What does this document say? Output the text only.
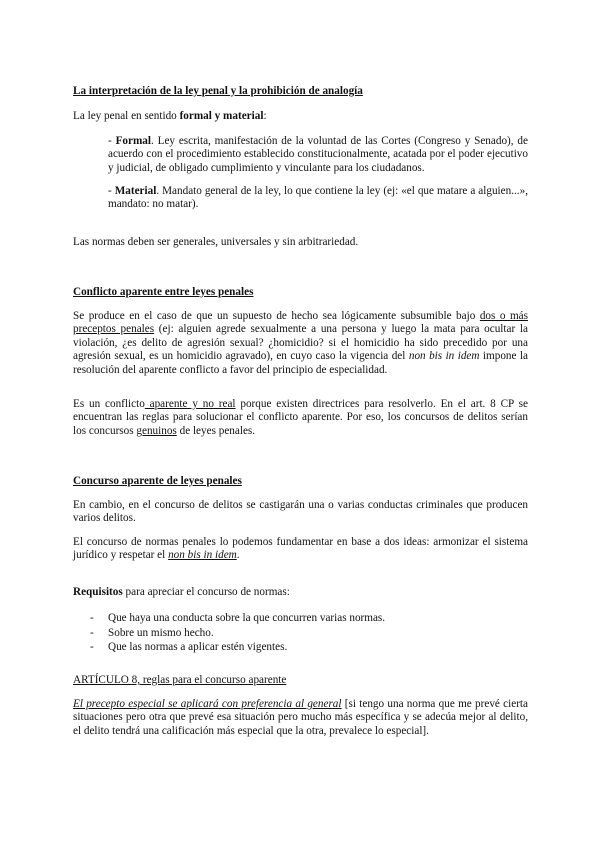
La interpretación de la ley penal y la prohibición de analogía

La ley penal en sentido formal y material:

- Formal. Ley escrita, manifestación de la voluntad de las Cortes (Congreso y Senado), de acuerdo con el procedimiento establecido constitucionalmente, acatada por el poder ejecutivo y judicial, de obligado cumplimiento y vinculante para los ciudadanos.

- Material. Mandato general de la ley, lo que contiene la ley (ej: «el que matare a alguien...», mandato: no matar).

Las normas deben ser generales, universales y sin arbitrariedad.

Conflicto aparente entre leyes penales

Se produce en el caso de que un supuesto de hecho sea lógicamente subsumible bajo dos o más preceptos penales (ej: alguien agrede sexualmente a una persona y luego la mata para ocultar la violación, ¿es delito de agresión sexual? ¿homicidio? si el homicidio ha sido precedido por una agresión sexual, es un homicidio agravado), en cuyo caso la vigencia del non bis in idem impone la resolución del aparente conflicto a favor del principio de especialidad.

Es un conflicto aparente y no real porque existen directrices para resolverlo. En el art. 8 CP se encuentran las reglas para solucionar el conflicto aparente. Por eso, los concursos de delitos serían los concursos genuinos de leyes penales.

Concurso aparente de leyes penales

En cambio, en el concurso de delitos se castigarán una o varias conductas criminales que producen varios delitos.

El concurso de normas penales lo podemos fundamentar en base a dos ideas: armonizar el sistema jurídico y respetar el non bis in idem.

Requisitos para apreciar el concurso de normas:

- Que haya una conducta sobre la que concurren varias normas.
- Sobre un mismo hecho.
- Que las normas a aplicar estén vigentes.

ARTÍCULO 8, reglas para el concurso aparente

El precepto especial se aplicará con preferencia al general [si tengo una norma que me prevé cierta situaciones pero otra que prevé esa situación pero mucho más específica y se adecúa mejor al delito, el delito tendrá una calificación más especial que la otra, prevalece lo especial].
